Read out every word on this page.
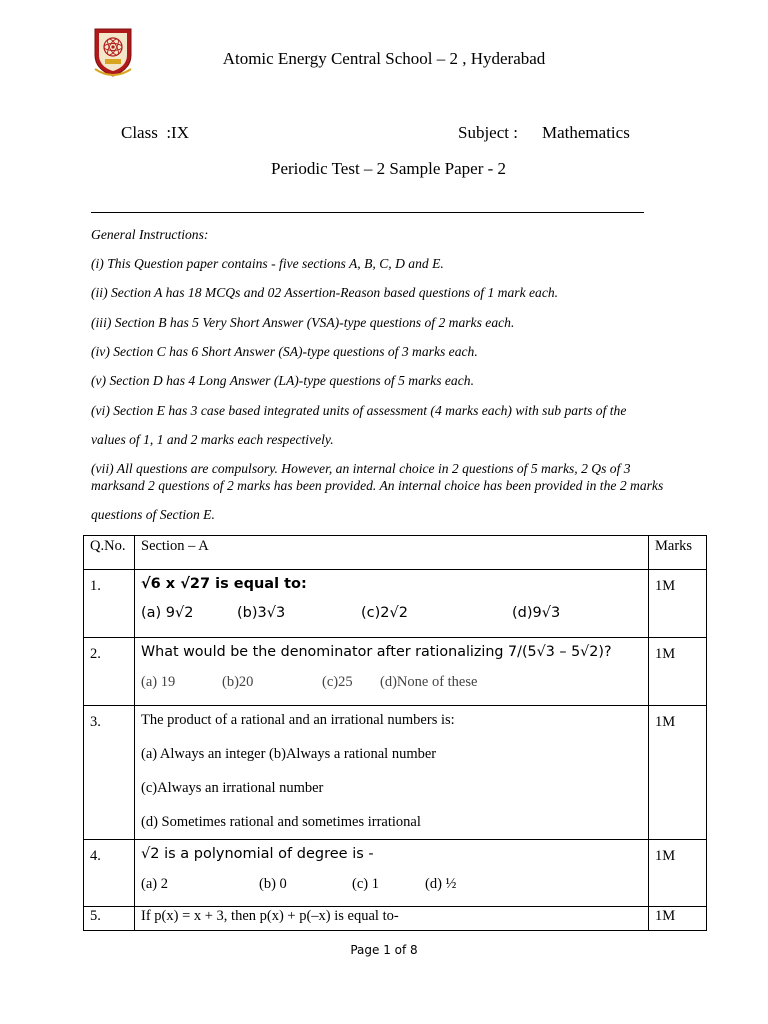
Atomic Energy Central School – 2 , Hyderabad
Class  :IX	Subject : Mathematics
Periodic Test – 2 Sample Paper - 2
General Instructions:
(i) This Question paper contains - five sections A, B, C, D and E.
(ii) Section A has 18 MCQs and 02 Assertion-Reason based questions of 1 mark each.
(iii) Section B has 5 Very Short Answer (VSA)-type questions of 2 marks each.
(iv) Section C has 6 Short Answer (SA)-type questions of 3 marks each.
(v) Section D has 4 Long Answer (LA)-type questions of 5 marks each.
(vi) Section E has 3 case based integrated units of assessment (4 marks each) with sub parts of the
values of 1, 1 and 2 marks each respectively.
(vii) All questions are compulsory. However, an internal choice in 2 questions of 5 marks, 2 Qs of 3
marksand 2 questions of 2 marks has been provided. An internal choice has been provided in the 2 marks
questions of Section E.
Q.No.	Section – A	Marks
1.	√6 x √27 is equal to:
(a) 9√2 (b)3√3 (c)2√2 (d)9√3	1M
2.	What would be the denominator after rationalizing 7/(5√3 – 5√2)?
(a) 19 (b)20 (c)25 (d)None of these	1M
3.	The product of a rational and an irrational numbers is:
(a) Always an integer (b)Always a rational number
(c)Always an irrational number
(d) Sometimes rational and sometimes irrational	1M
4.	√2 is a polynomial of degree is -
(a) 2 (b) 0 (c) 1 (d) ½	1M
5.	If p(x) = x + 3, then p(x) + p(–x) is equal to-	1M
Page 1 of 8
